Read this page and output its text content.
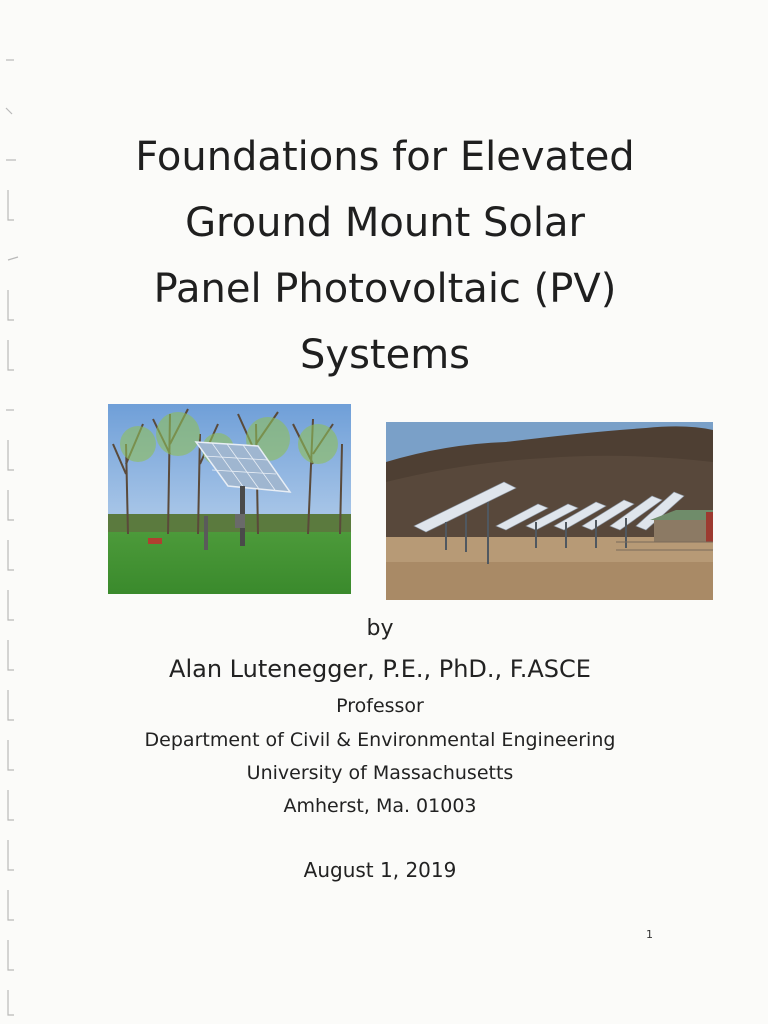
Foundations for Elevated
Ground Mount Solar
Panel Photovoltaic (PV)
Systems
by
Alan Lutenegger, P.E., PhD., F.ASCE
Professor
Department of Civil & Environmental Engineering
University of Massachusetts
Amherst, Ma. 01003
August 1, 2019
1
